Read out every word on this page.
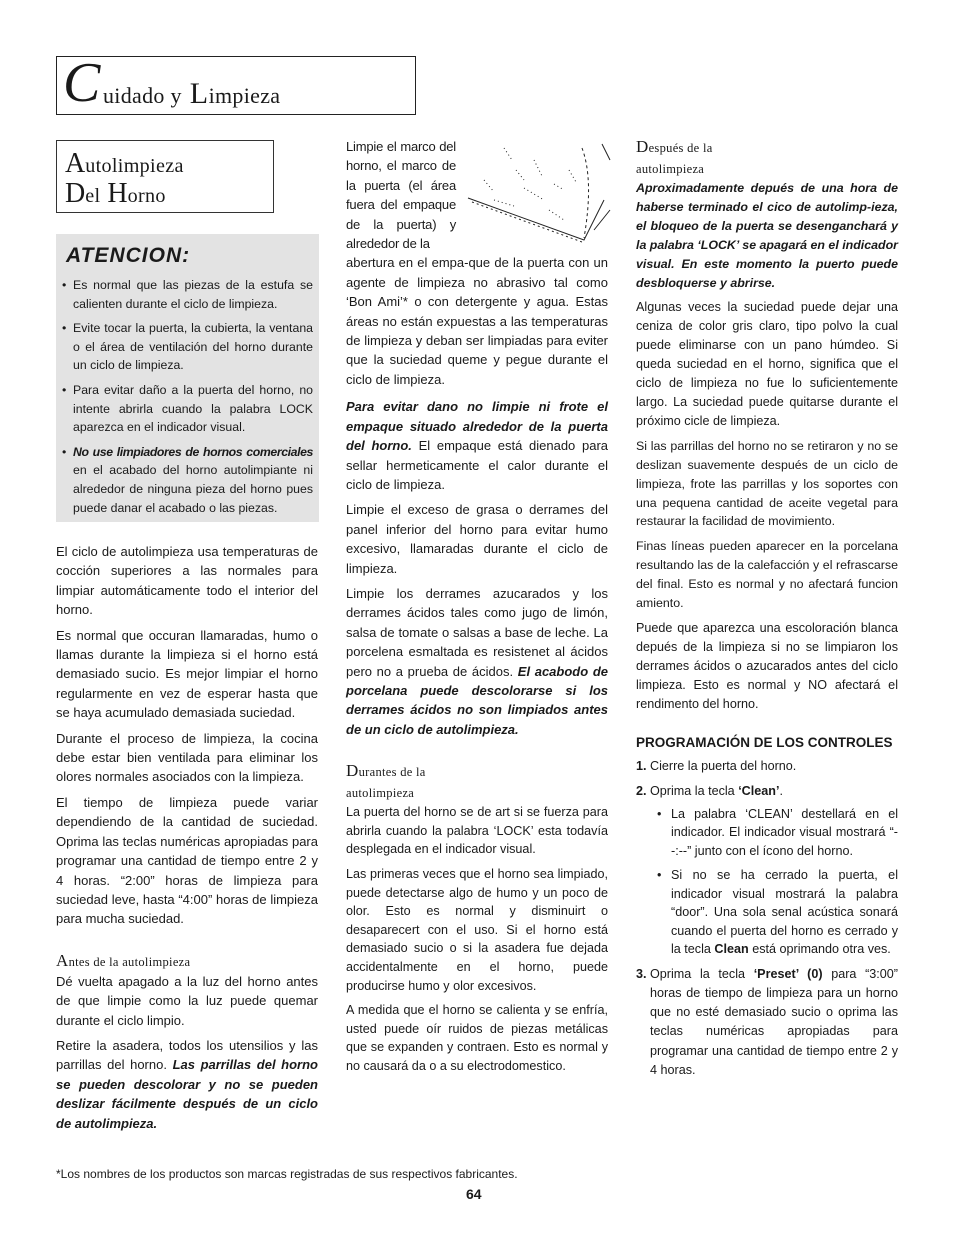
C uidado y Limpieza
Autolimpieza
Del Horno
ATENCION:
• Es normal que las piezas de la estufa se calienten durante el ciclo de limpieza.
• Evite tocar la puerta, la cubierta, la ventana o el área de ventilación del horno durante un ciclo de limpieza.
• Para evitar daño a la puerta del horno, no intente abrirla cuando la palabra LOCK aparezca en el indicador visual.
• No use limpiadores de hornos comerciales en el acabado del horno autolimpiante ni alrededor de ninguna pieza del horno pues puede danar el acabado o las piezas.

El ciclo de autolimpieza usa temperaturas de cocción superiores a las normales para limpiar automáticamente todo el interior del horno.

Es normal que occuran llamaradas, humo o llamas durante la limpieza si el horno está demasiado sucio. Es mejor limpiar el horno regularmente en vez de esperar hasta que se haya acumulado demasiada suciedad.

Durante el proceso de limpieza, la cocina debe estar bien ventilada para eliminar los olores normales asociados con la limpieza.

El tiempo de limpieza puede variar dependiendo de la cantidad de suciedad. Oprima las teclas numéricas apropiadas para programar una cantidad de tiempo entre 2 y 4 horas. “2:00” horas de limpieza para suciedad leve, hasta “4:00” horas de limpieza para mucha suciedad.

Antes de la autolimpieza

Dé vuelta apagado a la luz del horno antes de que limpie como la luz puede quemar durante el ciclo limpio.

Retire la asadera, todos los utensilios y las parrillas del horno. Las parrillas del horno se pueden descolorar y no se pueden deslizar fácilmente después de un ciclo de autolimpieza.

Limpie el marco del horno, el marco de la puerta (el área fuera del empaque de la puerta) y alrededor de la

abertura en el empa-que de la puerta con un agente de limpieza no abrasivo tal como ‘Bon Ami’* o con detergente y agua. Estas áreas no están expuestas a las temperaturas de limpieza y deban ser limpiadas para eviter que la suciedad queme y pegue durante el ciclo de limpieza.

Para evitar dano no limpie ni frote el empaque situado alrededor de la puerta del horno. El empaque está dienado para sellar hermeticamente el calor durante el ciclo de limpieza.

Limpie el exceso de grasa o derrames del panel inferior del horno para evitar humo excesivo, llamaradas durante el ciclo de limpieza.

Limpie los derrames azucarados y los derrames ácidos tales como jugo de limón, salsa de tomate o salsas a base de leche. La porcelena esmaltada es resistenet al ácidos pero no a prueba de ácidos. El acabodo de porcelana puede descolorarse si los derrames ácidos no son limpiados antes de un ciclo de autolimpieza.

Durantes de la
autolimpieza

La puerta del horno se de art si se fuerza para abrirla cuando la palabra ‘LOCK’ esta todavía desplegada en el indicador visual.

Las primeras veces que el horno sea limpiado, puede detectarse algo de humo y un poco de olor. Esto es normal y disminuirt o desaparecert con el uso. Si el horno está demasiado sucio o si la asadera fue dejada accidentalmente en el horno, puede producirse humo y olor excesivos.

A medida que el horno se calienta y se enfría, usted puede oír ruidos de piezas metálicas que se expanden y contraen. Esto es normal y no causará da o a su electrodomestico.

Después de la
autolimpieza

Aproximadamente depués de una hora de haberse terminado el cico de autolimp-ieza, el bloqueo de la puerta se desenganchará y la palabra ‘LOCK’ se apagará en el indicador visual. En este momento la puerto puede desbloquerse y abrirse.

Algunas veces la suciedad puede dejar una ceniza de color gris claro, tipo polvo la cual puede eliminarse con un pano húmdeo. Si queda suciedad en el horno, significa que el ciclo de limpieza no fue lo suficientemente largo. La suciedad puede quitarse durante el próximo cicle de limpieza.

Si las parrillas del horno no se retiraron y no se deslizan suavemente después de un ciclo de limpieza, frote las parrillas y los soportes con una pequena cantidad de aceite vegetal para restaurar la facilidad de movimiento.

Finas líneas pueden aparecer en la porcelana resultando las de la calefacción y el refrascarse del final. Esto es normal y no afectará funcion amiento.

Puede que aparezca una escoloración blanca depués de la limpieza si no se limpiaron los derrames ácidos o azucarados antes del ciclo limpieza. Esto es normal y NO afectará el rendimento del horno.

PROGRAMACIÓN DE LOS CONTROLES
1. Cierre la puerta del horno.
2. Oprima la tecla ‘Clean’.
• La palabra ‘CLEAN’ destellará en el indicador. El indicador visual mostrará “--:--” junto con el ícono del horno.
• Si no se ha cerrado la puerta, el indicador visual mostrará la palabra “door”. Una sola senal acústica sonará cuando el puerta del horno es cerrado y la tecla Clean está oprimando otra ves.
3. Oprima la tecla ‘Preset’ (0) para “3:00” horas de tiempo de limpieza para un horno que no esté demasiado sucio o oprima las teclas numéricas apropiadas para programar una cantidad de tiempo entre 2 y 4 horas.
*Los nombres de los productos son marcas registradas de sus respectivos fabricantes.
64
